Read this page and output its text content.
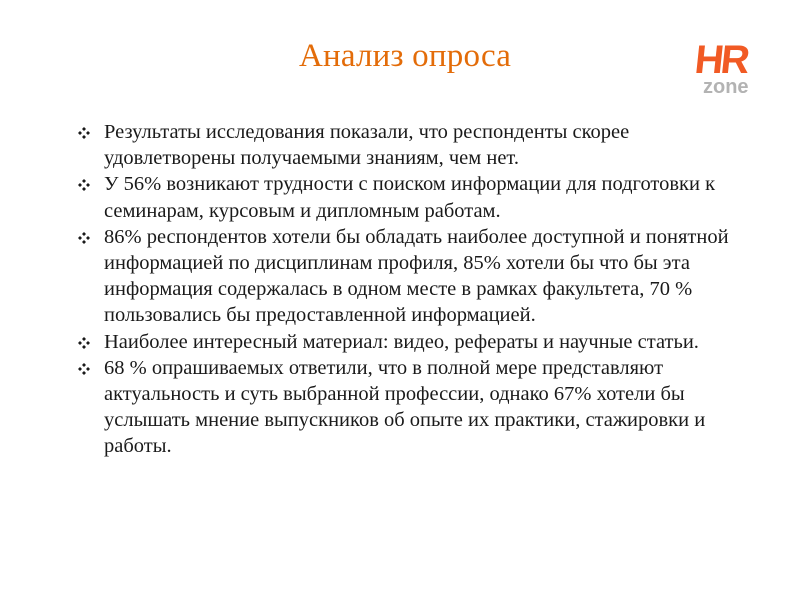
Анализ опроса	HR
zone
Результаты исследования показали, что респонденты скорее удовлетворены получаемыми знаниям, чем нет.
У 56% возникают трудности с поиском информации для подготовки к семинарам, курсовым и дипломным работам.
86% респондентов хотели бы обладать наиболее доступной и понятной информацией по дисциплинам профиля, 85% хотели бы что бы эта информация содержалась в одном месте в рамках факультета, 70 % пользовались бы предоставленной информацией.
Наиболее интересный материал: видео, рефераты и научные статьи.
68 % опрашиваемых ответили, что в полной мере представляют актуальность и суть выбранной профессии, однако 67% хотели бы услышать мнение выпускников об опыте их практики, стажировки и работы.
